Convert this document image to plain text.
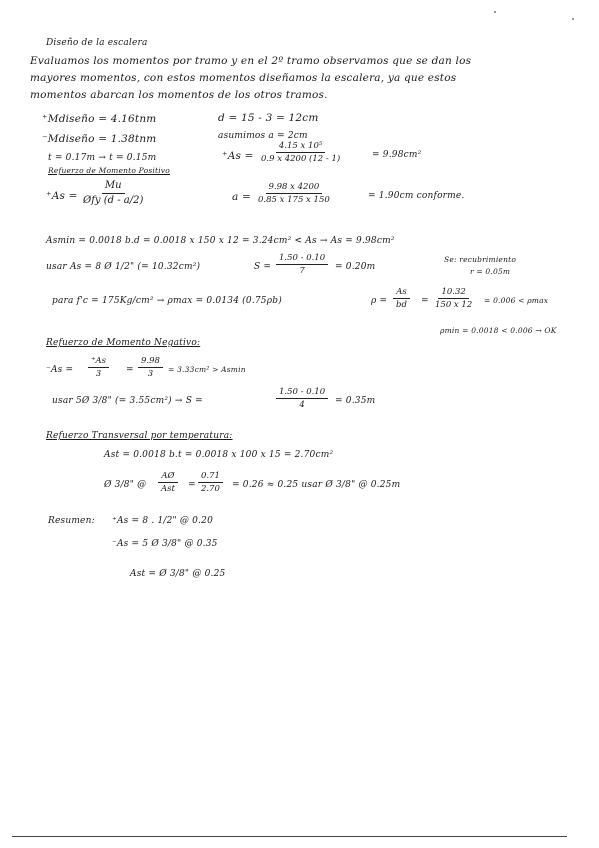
Diseño de la escalera
Evaluamos los momentos por tramo y en el 2º tramo observamos que se dan los
mayores momentos, con estos momentos diseñamos la escalera, ya que estos
momentos abarcan los momentos de los otros tramos.
⁺Mdiseño = 4.16tnm
⁻Mdiseño = 1.38tnm
t = 0.17m → t = 0.15m
Refuerzo de Momento Positivo
⁺As =
Mu
Øfy (d - a/2)
d = 15 - 3 = 12cm
asumimos a = 2cm
$^+As = \frac{\text{4.15 x 10⁵}}{0.9 x 4200 (12 - 1)}$	= 9.98cm²
$a = \frac{9.98 x 4200}{0.85 x 175 x 150}$	= 1.90cm conforme.
Asmin = 0.0018 b.d = 0.0018 x 150 x 12 = 3.24cm² < As → As = 9.98cm²
usar As = 8 Ø 1/2" (= 10.32cm²)	$S = \frac{1.50 - 0.10}{7} = 0.20m$
Se: recubrimiento
r = 0.05m
para f'c = 175Kg/cm² → ρmax = 0.0134 (0.75ρb)	$\rho = \frac{As}{bd} = \frac{10.32}{150 x 12} = 0.006 < \rho\max$
ρmin = 0.0018 < 0.006 → OK
Refuerzo de Momento Negativo:
$^-As = \frac{^+As}{3} = \frac{9.98}{3} = 3.33cm^2 > Asmin$
usar 5Ø 3/8" (= 3.55cm²) → S =	$\frac{1.50 - 0.10}{4} = 0.35m$
Refuerzo Transversal por temperatura:
Ast = 0.0018 b.t = 0.0018 x 100 x 15 = 2.70cm²
Ø 3/8" @
AØ
Ast	= $\frac{0.71}{2.70} = 0.26 \approx 0.25$ usar Ø 3/8" @ 0.25m
Resumen: ⁺As = 8 . 1/2" @ 0.20
⁻As = 5 Ø 3/8" @ 0.35
Ast = Ø 3/8" @ 0.25
